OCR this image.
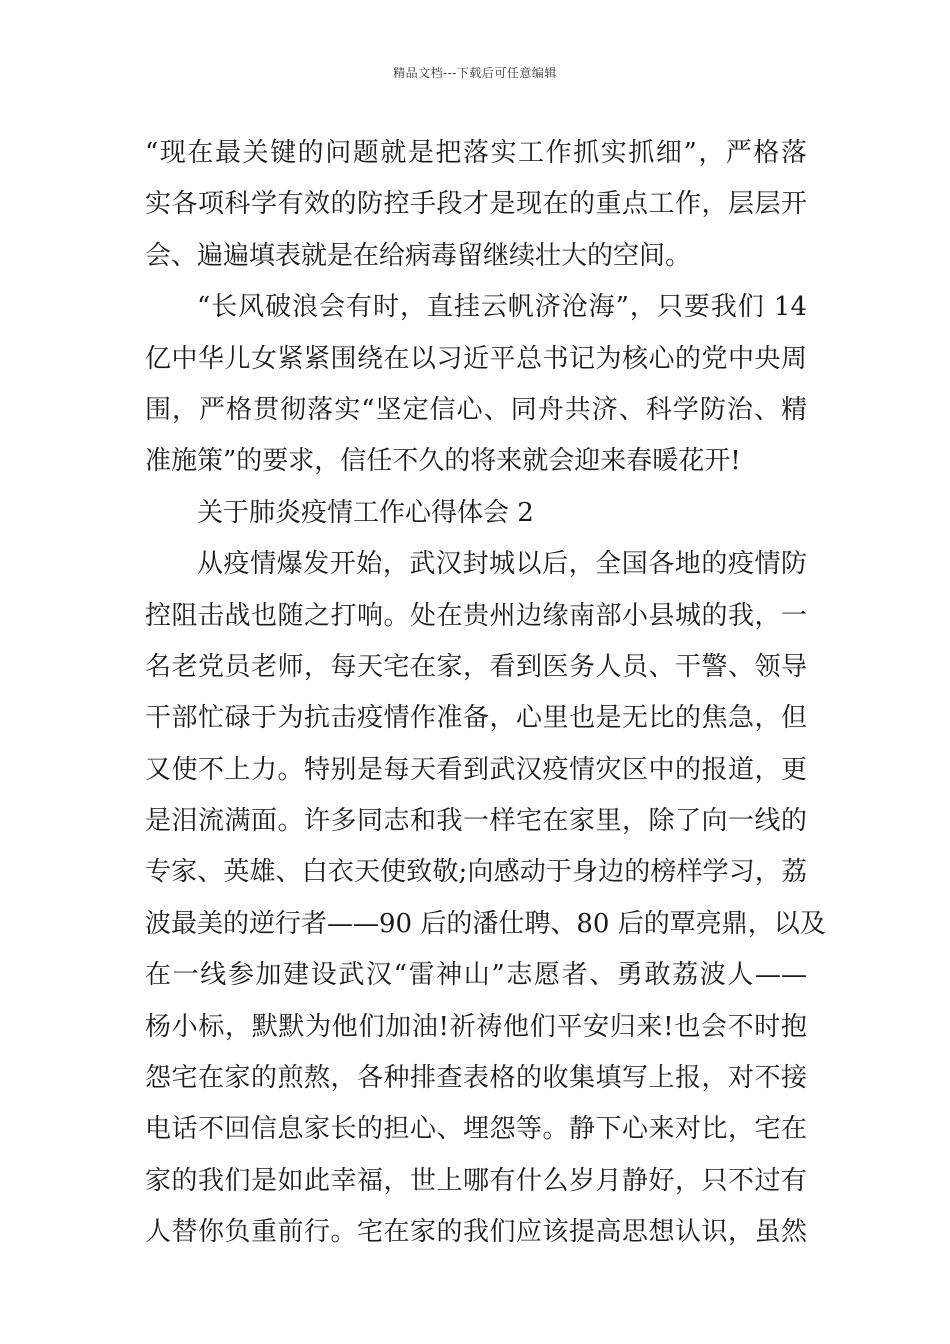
精品文档---下载后可任意编辑
“现在最关键的问题就是把落实工作抓实抓细”，严格落
实各项科学有效的防控手段才是现在的重点工作，层层开
会、遍遍填表就是在给病毒留继续壮大的空间。
“长风破浪会有时，直挂云帆济沧海”，只要我们 14
亿中华儿女紧紧围绕在以习近平总书记为核心的党中央周
围，严格贯彻落实“坚定信心、同舟共济、科学防治、精
准施策”的要求，信任不久的将来就会迎来春暖花开!
关于肺炎疫情工作心得体会 2
从疫情爆发开始，武汉封城以后，全国各地的疫情防
控阻击战也随之打响。处在贵州边缘南部小县城的我，一
名老党员老师，每天宅在家，看到医务人员、干警、领导
干部忙碌于为抗击疫情作准备，心里也是无比的焦急，但
又使不上力。特别是每天看到武汉疫情灾区中的报道，更
是泪流满面。许多同志和我一样宅在家里，除了向一线的
专家、英雄、白衣天使致敬;向感动于身边的榜样学习，荔
波最美的逆行者——90 后的潘仕聘、80 后的覃亮鼎，以及
在一线参加建设武汉“雷神山”志愿者、勇敢荔波人——
杨小标，默默为他们加油!祈祷他们平安归来!也会不时抱
怨宅在家的煎熬，各种排查表格的收集填写上报，对不接
电话不回信息家长的担心、埋怨等。静下心来对比，宅在
家的我们是如此幸福，世上哪有什么岁月静好，只不过有
人替你负重前行。宅在家的我们应该提高思想认识，虽然
